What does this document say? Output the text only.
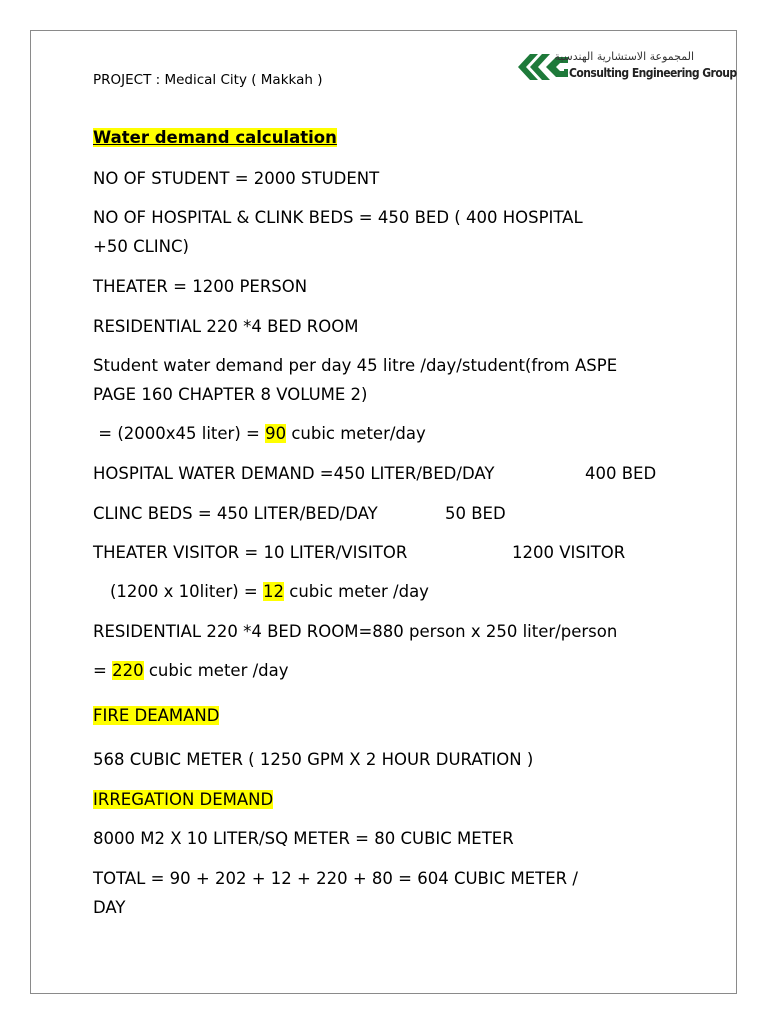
PROJECT : Medical City ( Makkah )
المجموعة الاستشارية الهندسية
Consulting Engineering Group
Water demand calculation
NO OF STUDENT = 2000 STUDENT
NO OF HOSPITAL & CLINK BEDS = 450 BED ( 400 HOSPITAL
+50 CLINC)
THEATER = 1200 PERSON
RESIDENTIAL 220 *4 BED ROOM
Student water demand per day 45 litre /day/student(from ASPE
PAGE 160 CHAPTER 8 VOLUME 2)
= (2000x45 liter) = 90 cubic meter/day
HOSPITAL WATER DEMAND =450 LITER/BED/DAY	400 BED
CLINC BEDS = 450 LITER/BED/DAY	50 BED
THEATER VISITOR = 10 LITER/VISITOR	1200 VISITOR
(1200 x 10liter) = 12 cubic meter /day
RESIDENTIAL 220 *4 BED ROOM=880 person x 250 liter/person
= 220 cubic meter /day
FIRE DEAMAND
568 CUBIC METER ( 1250 GPM X 2 HOUR DURATION )
IRREGATION DEMAND
8000 M2 X 10 LITER/SQ METER = 80 CUBIC METER
TOTAL = 90 + 202 + 12 + 220 + 80 = 604 CUBIC METER /
DAY
